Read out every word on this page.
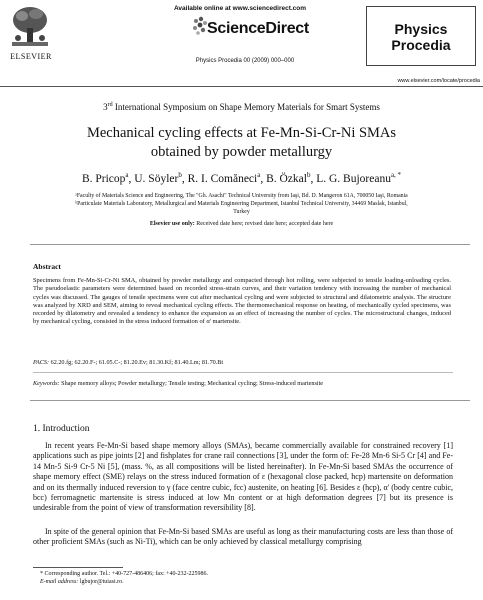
ELSEVIER
Available online at www.sciencedirect.com
ScienceDirect
Physics Procedia 00 (2009) 000–000
Physics
Procedia
www.elsevier.com/locate/procedia
3rd International Symposium on Shape Memory Materials for Smart Systems
Mechanical cycling effects at Fe-Mn-Si-Cr-Ni SMAs
obtained by powder metallurgy
B. Pricop$^a$, U. Söyler$^b$, R. I. Comăneci$^a$, B. Özkal$^b$, L. G. Bujoreanu$^{a, *}$
ᵃFaculty of Materials Science and Engineering, The "Gh. Asachi" Technical University from Iaşi, Bd. D. Mangeron 61A, 700050 Iaşi, Romania
ᵇParticulate Materials Laboratory, Metallurgical and Materials Engineering Department, Istanbul Technical University, 34469 Maslak, Istanbul,
Turkey
Elsevier use only: Received date here; revised date here; accepted date here
Abstract
Specimens from Fe-Mn-Si-Cr-Ni SMA, obtained by powder metallurgy and compacted through hot rolling, were subjected to tensile loading-unloading cycles. The pseudoelastic parameters were determined based on recorded stress-strain curves, and their variation tendency with increasing the number of mechanical cycles was discussed. The gauges of tensile specimens were cut after mechanical cycling and were subjected to structural and dilatometric analysis. The structure was analyzed by XRD and SEM, aiming to reveal mechanical cycling effects. The thermomechanical response on heating, of mechanically cycled specimens, was recorded by dilatometry and revealed a tendency to enhance the expansion as an effect of increasing the number of cycles. The microstructural changes, induced by mechanical cycling, consisted in the stress induced formation of α' martensite.
PACS: 62.20.fg; 62.20.F-; 61.05.C-; 81.20.Ev; 81.30.Kf; 81.40.Lm; 81.70.Bt
Keywords: Shape memory alloys; Powder metallurgy; Tensile testing; Mechanical cycling; Stress-induced martensite
1. Introduction
In recent years Fe-Mn-Si based shape memory alloys (SMAs), became commercially available for constrained recovery [1] applications such as pipe joints [2] and fishplates for crane rail connections [3], under the form of: Fe-28 Mn-6 Si-5 Cr [4] and Fe-14 Mn-5 Si-9 Cr-5 Ni [5], (mass. %, as all compositions will be listed hereinafter). In Fe-Mn-Si based SMAs the occurrence of shape memory effect (SME) relays on the stress induced formation of ε (hexagonal close packed, hcp) martensite on deformation and on its thermally induced reversion to γ (face centre cubic, fcc) austenite, on heating [6]. Besides ε (hcp), α' (body centre cubic, bcc) ferromagnetic martensite is stress induced at low Mn content or at high deformation degrees [7] but its presence is undesirable from the point of view of transformation reversibility [8].
In spite of the general opinion that Fe-Mn-Si based SMAs are useful as long as their manufacturing costs are less than those of other proficient SMAs (such as Ni-Ti), which can be only achieved by classical metallurgy comprising
* Corresponding author. Tel.: +40-727-486406; fax: +40-232-225986.
E-mail address: lgbujor@tuiasi.ro.
